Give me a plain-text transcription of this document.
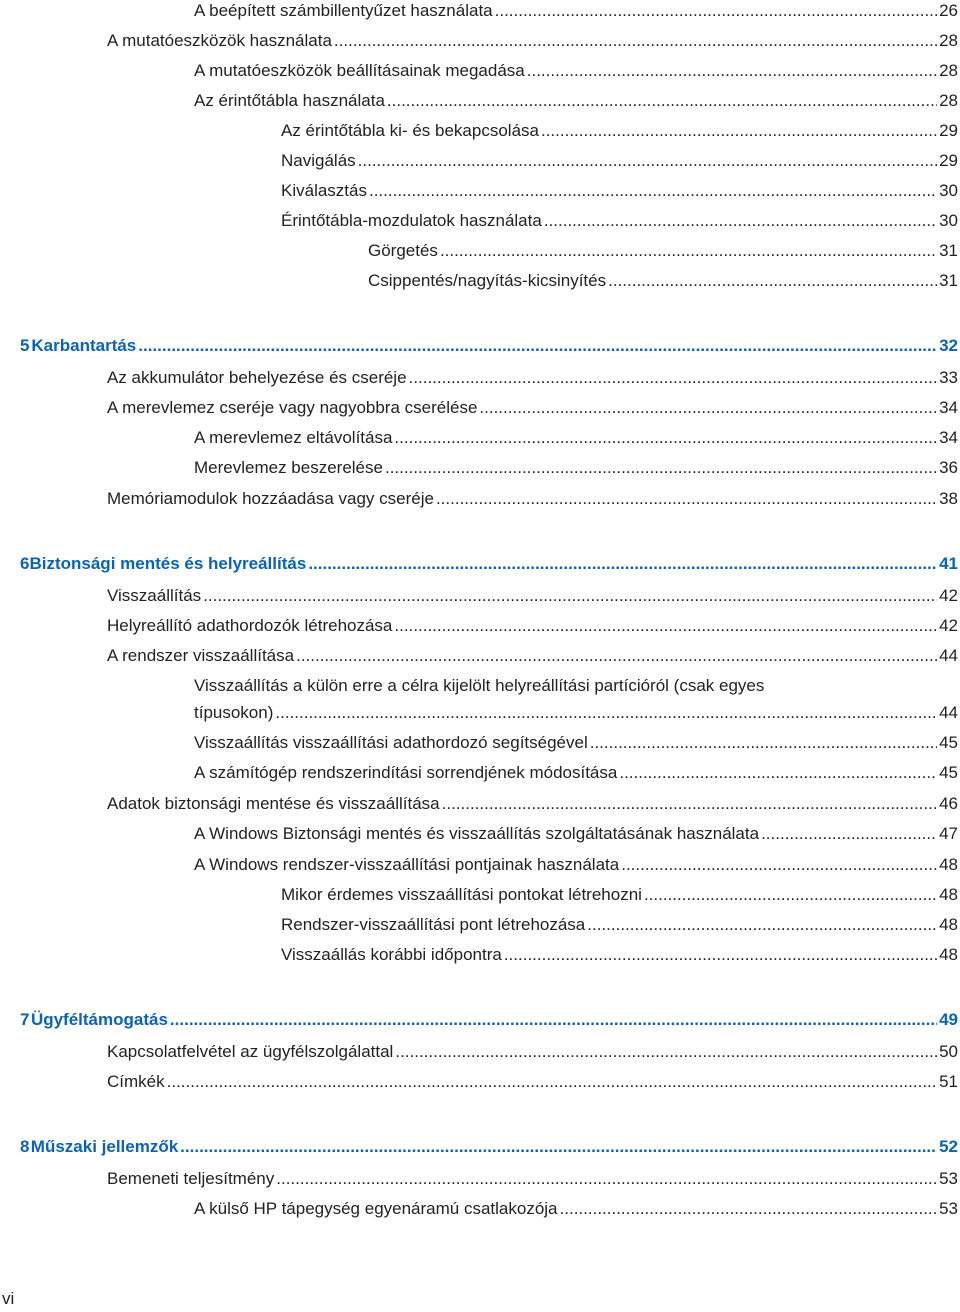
A beépített számbillentyűzet használata .....	26
A mutatóeszközök használata .....	28
A mutatóeszközök beállításainak megadása .....	28
Az érintőtábla használata .....	28
Az érintőtábla ki- és bekapcsolása .....	29
Navigálás .....	29
Kiválasztás .....	30
Érintőtábla-mozdulatok használata .....	30
Görgetés .....	31
Csippentés/nagyítás-kicsinyítés .....	31
5 Karbantartás .....	32
Az akkumulátor behelyezése és cseréje .....	33
A merevlemez cseréje vagy nagyobbra cserélése .....	34
A merevlemez eltávolítása .....	34
Merevlemez beszerelése .....	36
Memóriamodulok hozzáadása vagy cseréje .....	38
6 Biztonsági mentés és helyreállítás .....	41
Visszaállítás .....	42
Helyreállító adathordozók létrehozása .....	42
A rendszer visszaállítása .....	44
Visszaállítás a külön erre a célra kijelölt helyreállítási partícióról (csak egyes
típusokon) .....	44
Visszaállítás visszaállítási adathordozó segítségével .....	45
A számítógép rendszerindítási sorrendjének módosítása .....	45
Adatok biztonsági mentése és visszaállítása .....	46
A Windows Biztonsági mentés és visszaállítás szolgáltatásának használata .....	47
A Windows rendszer-visszaállítási pontjainak használata .....	48
Mikor érdemes visszaállítási pontokat létrehozni .....	48
Rendszer-visszaállítási pont létrehozása .....	48
Visszaállás korábbi időpontra .....	48
7 Ügyféltámogatás .....	49
Kapcsolatfelvétel az ügyfélszolgálattal .....	50
Címkék .....	51
8 Műszaki jellemzők .....	52
Bemeneti teljesítmény .....	53
A külső HP tápegység egyenáramú csatlakozója .....	53
vi
